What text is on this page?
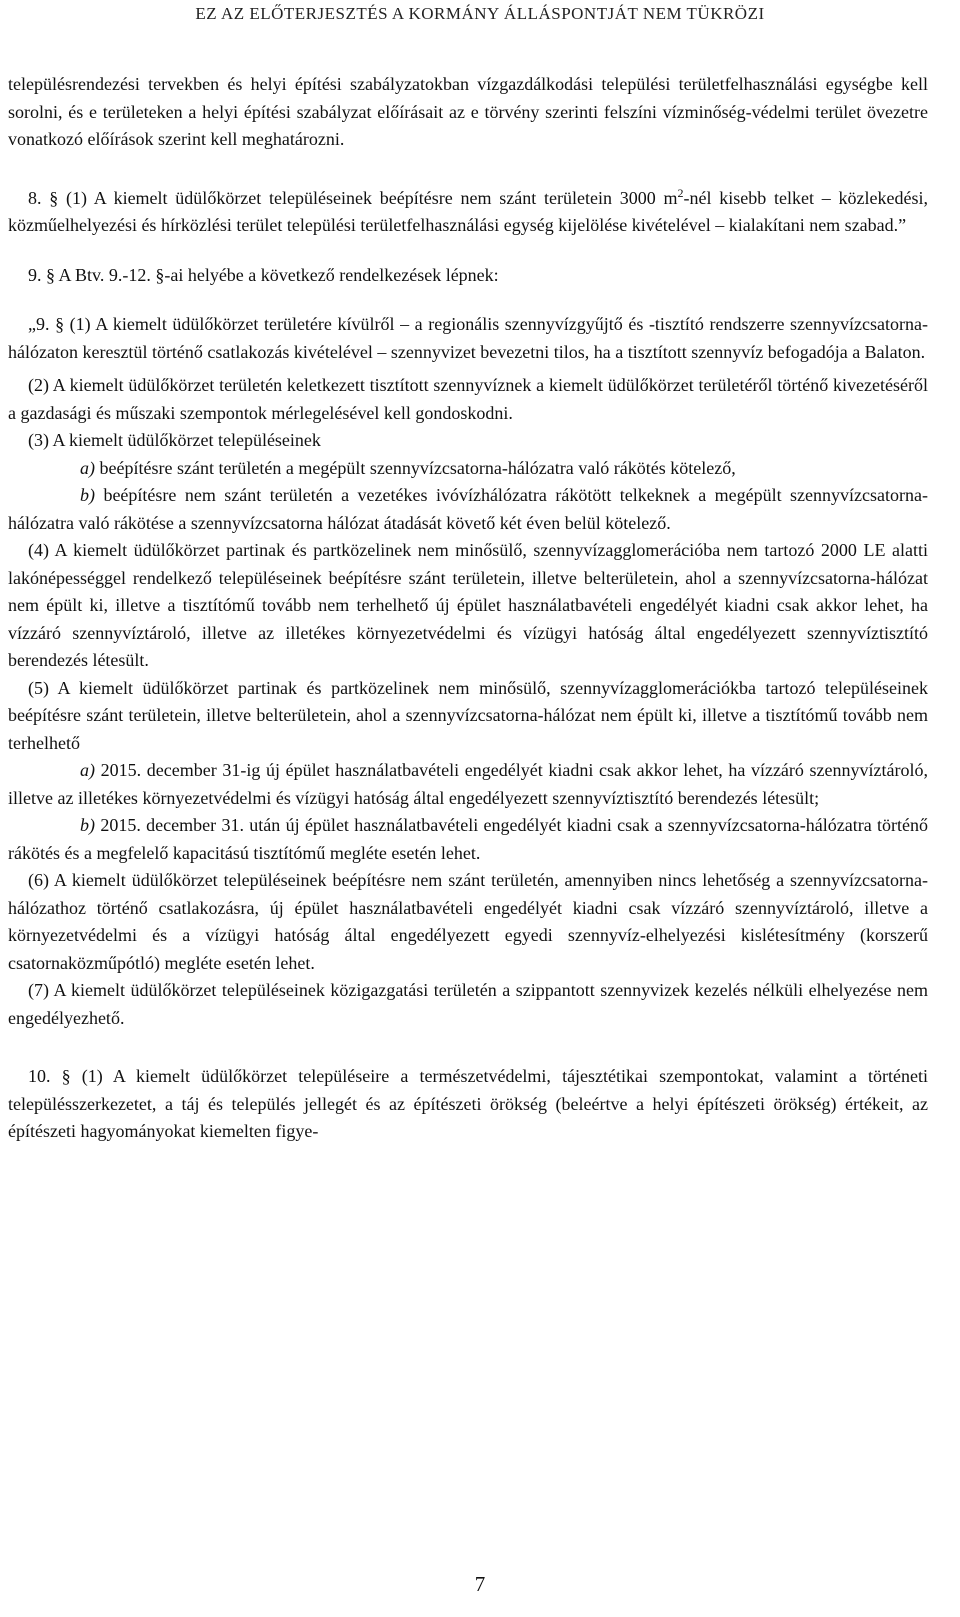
EZ AZ ELŐTERJESZTÉS A KORMÁNY ÁLLÁSPONTJÁT NEM TÜKRÖZI

településrendezési tervekben és helyi építési szabályzatokban vízgazdálkodási települési területfelhasználási egységbe kell sorolni, és e területeken a helyi építési szabályzat előírásait az e törvény szerinti felszíni vízminőség-védelmi terület övezetre vonatkozó előírások szerint kell meghatározni.

8. § (1) A kiemelt üdülőkörzet településeinek beépítésre nem szánt területein 3000 $m^2$-nél kisebb telket – közlekedési, közműelhelyezési és hírközlési terület települési területfelhasználási egység kijelölése kivételével – kialakítani nem szabad.”

9. § A Btv. 9.-12. §-ai helyébe a következő rendelkezések lépnek:

„9. § (1) A kiemelt üdülőkörzet területére kívülről – a regionális szennyvízgyűjtő és -tisztító rendszerre szennyvízcsatorna-hálózaton keresztül történő csatlakozás kivételével – szennyvizet bevezetni tilos, ha a tisztított szennyvíz befogadója a Balaton.

(2) A kiemelt üdülőkörzet területén keletkezett tisztított szennyvíznek a kiemelt üdülőkörzet területéről történő kivezetéséről a gazdasági és műszaki szempontok mérlegelésével kell gondoskodni.

(3) A kiemelt üdülőkörzet településeinek

a) beépítésre szánt területén a megépült szennyvízcsatorna-hálózatra való rákötés kötelező,

b) beépítésre nem szánt területén a vezetékes ivóvízhálózatra rákötött telkeknek a megépült szennyvízcsatorna-hálózatra való rákötése a szennyvízcsatorna hálózat átadását követő két éven belül kötelező.

(4) A kiemelt üdülőkörzet partinak és partközelinek nem minősülő, szennyvízagglomerációba nem tartozó 2000 LE alatti lakónépességgel rendelkező településeinek beépítésre szánt területein, illetve belterületein, ahol a szennyvízcsatorna-hálózat nem épült ki, illetve a tisztítómű tovább nem terhelhető új épület használatbavételi engedélyét kiadni csak akkor lehet, ha vízzáró szennyvíztároló, illetve az illetékes környezetvédelmi és vízügyi hatóság által engedélyezett szennyvíztisztító berendezés létesült.

(5) A kiemelt üdülőkörzet partinak és partközelinek nem minősülő, szennyvízagglomerációkba tartozó településeinek beépítésre szánt területein, illetve belterületein, ahol a szennyvízcsatorna-hálózat nem épült ki, illetve a tisztítómű tovább nem terhelhető

a) 2015. december 31-ig új épület használatbavételi engedélyét kiadni csak akkor lehet, ha vízzáró szennyvíztároló, illetve az illetékes környezetvédelmi és vízügyi hatóság által engedélyezett szennyvíztisztító berendezés létesült;

b) 2015. december 31. után új épület használatbavételi engedélyét kiadni csak a szennyvízcsatorna-hálózatra történő rákötés és a megfelelő kapacitású tisztítómű megléte esetén lehet.

(6) A kiemelt üdülőkörzet településeinek beépítésre nem szánt területén, amennyiben nincs lehetőség a szennyvízcsatorna-hálózathoz történő csatlakozásra, új épület használatbavételi engedélyét kiadni csak vízzáró szennyvíztároló, illetve a környezetvédelmi és a vízügyi hatóság által engedélyezett egyedi szennyvíz-elhelyezési kislétesítmény (korszerű csatornaközműpótló) megléte esetén lehet.

(7) A kiemelt üdülőkörzet településeinek közigazgatási területén a szippantott szennyvizek kezelés nélküli elhelyezése nem engedélyezhető.

10. § (1) A kiemelt üdülőkörzet településeire a természetvédelmi, tájesztétikai szempontokat, valamint a történeti településszerkezetet, a táj és település jellegét és az építészeti örökség (beleértve a helyi építészeti örökség) értékeit, az építészeti hagyományokat kiemelten figye-

7
